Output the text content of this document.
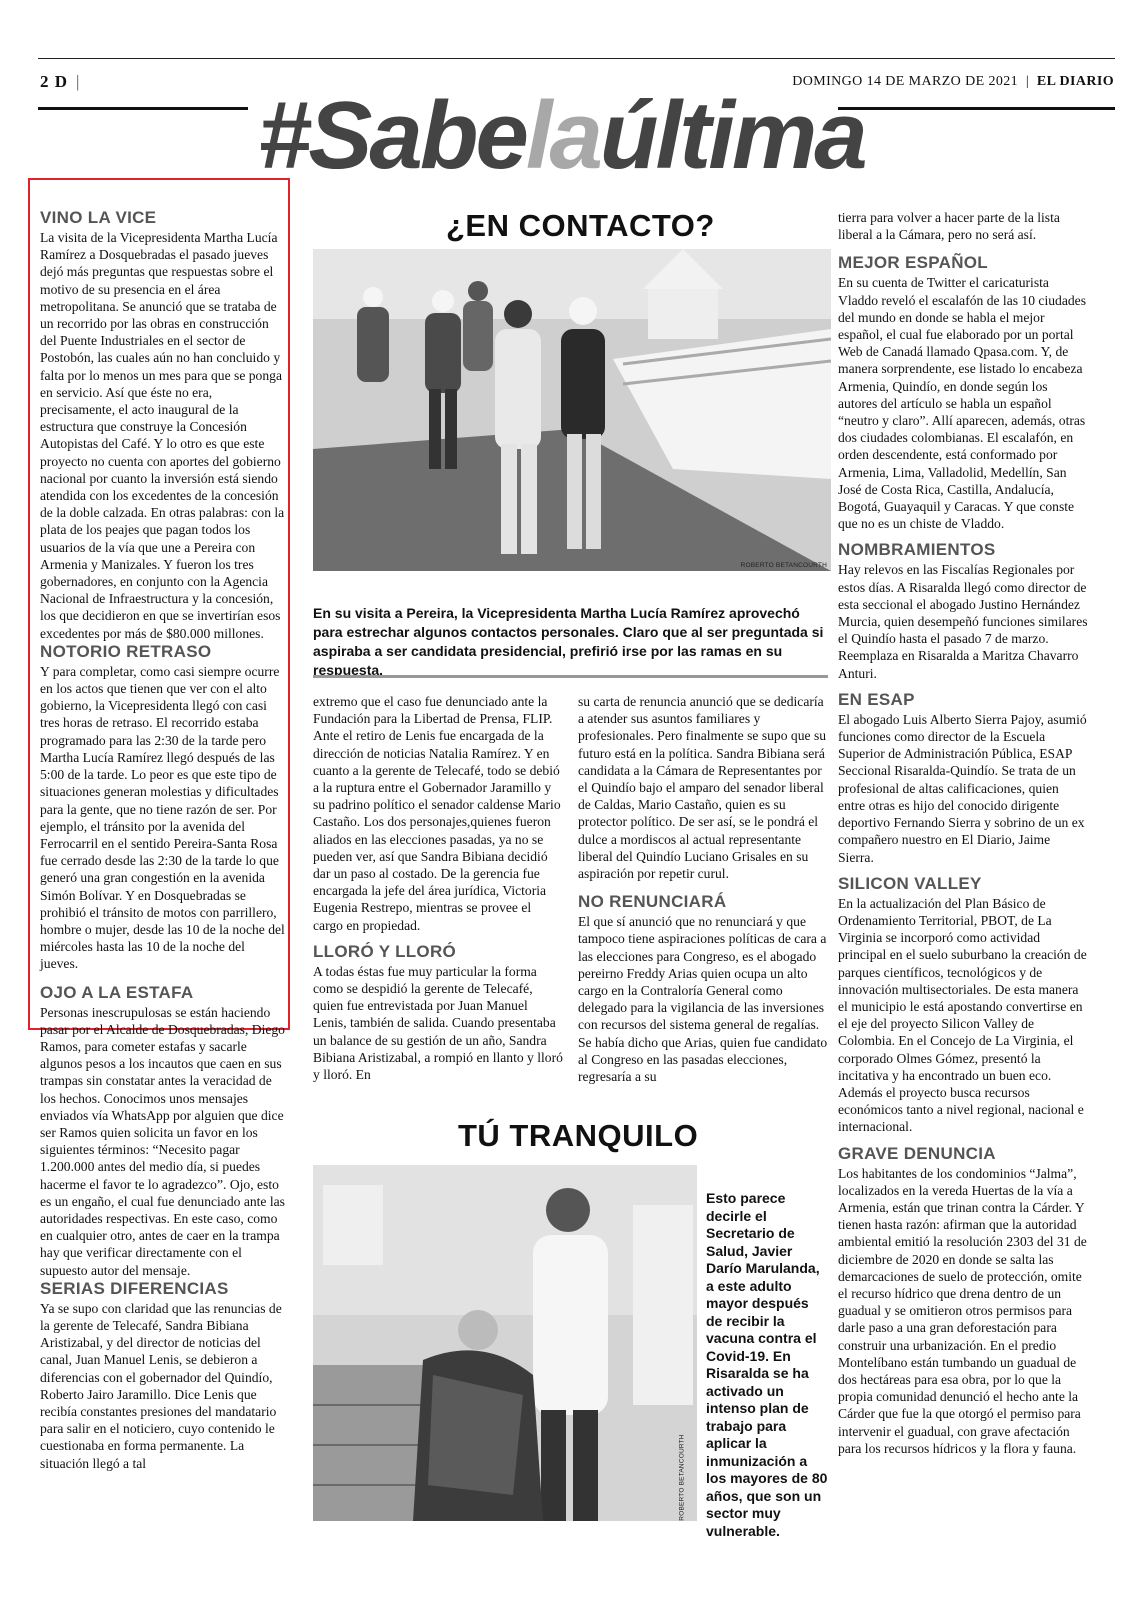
2 D |	DOMINGO 14 DE MARZO DE 2021  |  EL DIARIO
#Sabelaúltima
VINO LA VICE

La visita de la Vicepresidenta Martha Lucía Ramírez a Dosquebradas el pasado jueves dejó más preguntas que respuestas sobre el motivo de su presencia en el área metropolitana. Se anunció que se trataba de un recorrido por las obras en construcción del Puente Industriales en el sector de Postobón, las cuales aún no han concluido y falta por lo menos un mes para que se ponga en servicio. Así que éste no era, precisamente, el acto inaugural de la estructura que construye la Concesión Autopistas del Café. Y lo otro es que este proyecto no cuenta con aportes del gobierno nacional por cuanto la inversión está siendo atendida con los excedentes de la concesión de la doble calzada. En otras palabras: con la plata de los peajes que pagan todos los usuarios de la vía que une a Pereira con Armenia y Manizales. Y fueron los tres gobernadores, en conjunto con la Agencia Nacional de Infraestructura y la concesión, los que decidieron en que se invertirían esos excedentes por más de $80.000 millones.

NOTORIO RETRASO

Y para completar, como casi siempre ocurre en los actos que tienen que ver con el alto gobierno, la Vicepresidenta llegó con casi tres horas de retraso. El recorrido estaba programado para las 2:30 de la tarde pero Martha Lucía Ramírez llegó después de las 5:00 de la tarde. Lo peor es que este tipo de situaciones generan molestias y dificultades para la gente, que no tiene razón de ser. Por ejemplo, el tránsito por la avenida del Ferrocarril en el sentido Pereira-Santa Rosa fue cerrado desde las 2:30 de la tarde lo que generó una gran congestión en la avenida Simón Bolívar. Y en Dosquebradas se prohibió el tránsito de motos con parrillero, hombre o mujer, desde las 10 de la noche del miércoles hasta las 10 de la noche del jueves.

OJO A LA ESTAFA

Personas inescrupulosas se están haciendo pasar por el Alcalde de Dosquebradas, Diego Ramos, para cometer estafas y sacarle algunos pesos a los incautos que caen en sus trampas sin constatar antes la veracidad de los hechos. Conocimos unos mensajes enviados vía WhatsApp por alguien que dice ser Ramos quien solicita un favor en los siguientes términos: “Necesito pagar 1.200.000 antes del medio día, si puedes hacerme el favor te lo agradezco”. Ojo, esto es un engaño, el cual fue denunciado ante las autoridades respectivas. En este caso, como en cualquier otro, antes de caer en la trampa hay que verificar directamente con el supuesto autor del mensaje.

SERIAS DIFERENCIAS

Ya se supo con claridad que las renuncias de la gerente de Telecafé, Sandra Bibiana Aristizabal, y del director de noticias del canal, Juan Manuel Lenis, se debieron a diferencias con el gobernador del Quindío, Roberto Jairo Jaramillo. Dice Lenis que recibía constantes presiones del mandatario para salir en el noticiero, cuyo contenido le cuestionaba en forma permanente. La situación llegó a tal

¿EN CONTACTO?
ROBERTO BETANCOURTH
En su visita a Pereira, la Vicepresidenta Martha Lucía Ramírez aprovechó para estrechar algunos contactos personales. Claro que al ser preguntada si aspiraba a ser candidata presidencial, prefirió irse por las ramas en su respuesta.

extremo que el caso fue denunciado ante la Fundación para la Libertad de Prensa, FLIP. Ante el retiro de Lenis fue encargada de la dirección de noticias Natalia Ramírez. Y en cuanto a la gerente de Telecafé, todo se debió a la ruptura entre el Gobernador Jaramillo y su padrino político el senador caldense Mario Castaño. Los dos personajes,quienes fueron aliados en las elecciones pasadas, ya no se pueden ver, así que Sandra Bibiana decidió dar un paso al costado. De la gerencia fue encargada la jefe del área jurídica, Victoria Eugenia Restrepo, mientras se provee el cargo en propiedad.

LLORÓ Y LLORÓ

A todas éstas fue muy particular la forma como se despidió la gerente de Telecafé, quien fue entrevistada por Juan Manuel Lenis, también de salida. Cuando presentaba un balance de su gestión de un año, Sandra Bibiana Aristizabal, a rompió en llanto y lloró y lloró. En

su carta de renuncia anunció que se dedicaría a atender sus asuntos familiares y profesionales. Pero finalmente se supo que su futuro está en la política. Sandra Bibiana será candidata a la Cámara de Representantes por el Quindío bajo el amparo del senador liberal de Caldas, Mario Castaño, quien es su protector político. De ser así, se le pondrá el dulce a mordiscos al actual representante liberal del Quindío Luciano Grisales en su aspiración por repetir curul.

NO RENUNCIARÁ

El que sí anunció que no renunciará y que tampoco tiene aspiraciones políticas de cara a las elecciones para Congreso, es el abogado pereirno Freddy Arias quien ocupa un alto cargo en la Contraloría General como delegado para la vigilancia de las inversiones con recursos del sistema general de regalías. Se había dicho que Arias, quien fue candidato al Congreso en las pasadas elecciones, regresaría a su

TÚ TRANQUILO
ROBERTO BETANCOURTH
Esto parece decirle el Secretario de Salud, Javier Darío Marulanda, a este adulto mayor después de recibir la vacuna contra el Covid-19. En Risaralda se ha activado un intenso plan de trabajo para aplicar la inmunización a los mayores de 80 años, que son un sector muy vulnerable.

tierra para volver a hacer parte de la lista liberal a la Cámara, pero no será así.

MEJOR ESPAÑOL

En su cuenta de Twitter el caricaturista Vladdo reveló el escalafón de las 10 ciudades del mundo en donde se habla el mejor español, el cual fue elaborado por un portal Web de Canadá llamado Qpasa.com. Y, de manera sorprendente, ese listado lo encabeza Armenia, Quindío, en donde según los autores del artículo se habla un español “neutro y claro”. Allí aparecen, además, otras dos ciudades colombianas. El escalafón, en orden descendente, está conformado por Armenia, Lima, Valladolid, Medellín, San José de Costa Rica, Castilla, Andalucía, Bogotá, Guayaquil y Caracas. Y que conste que no es un chiste de Vladdo.

NOMBRAMIENTOS

Hay relevos en las Fiscalías Regionales por estos días. A Risaralda llegó como director de esta seccional el abogado Justino Hernández Murcia, quien desempeñó funciones similares el Quindío hasta el pasado 7 de marzo. Reemplaza en Risaralda a Maritza Chavarro Anturi.

EN ESAP

El abogado Luis Alberto Sierra Pajoy, asumió funciones como director de la Escuela Superior de Administración Pública, ESAP Seccional Risaralda-Quindío. Se trata de un profesional de altas calificaciones, quien entre otras es hijo del conocido dirigente deportivo Fernando Sierra y sobrino de un ex compañero nuestro en El Diario, Jaime Sierra.

SILICON VALLEY

En la actualización del Plan Básico de Ordenamiento Territorial, PBOT, de La Virginia se incorporó como actividad principal en el suelo suburbano la creación de parques científicos, tecnológicos y de innovación multisectoriales. De esta manera el municipio le está apostando convertirse en el eje del proyecto Silicon Valley de Colombia. En el Concejo de La Virginia, el corporado Olmes Gómez, presentó la incitativa y ha encontrado un buen eco. Además el proyecto busca recursos económicos tanto a nivel regional, nacional e internacional.

GRAVE DENUNCIA

Los habitantes de los condominios “Jalma”, localizados en la vereda Huertas de la vía a Armenia, están que trinan contra la Cárder. Y tienen hasta razón: afirman que la autoridad ambiental emitió la resolución 2303 del 31 de diciembre de 2020 en donde se salta las demarcaciones de suelo de protección, omite el recurso hídrico que drena dentro de un guadual y se omitieron otros permisos para darle paso a una gran deforestación para construir una urbanización. En el predio Montelíbano están tumbando un guadual de dos hectáreas para esa obra, por lo que la propia comunidad denunció el hecho ante la Cárder que fue la que otorgó el permiso para intervenir el guadual, con grave afectación para los recursos hídricos y la flora y fauna.
